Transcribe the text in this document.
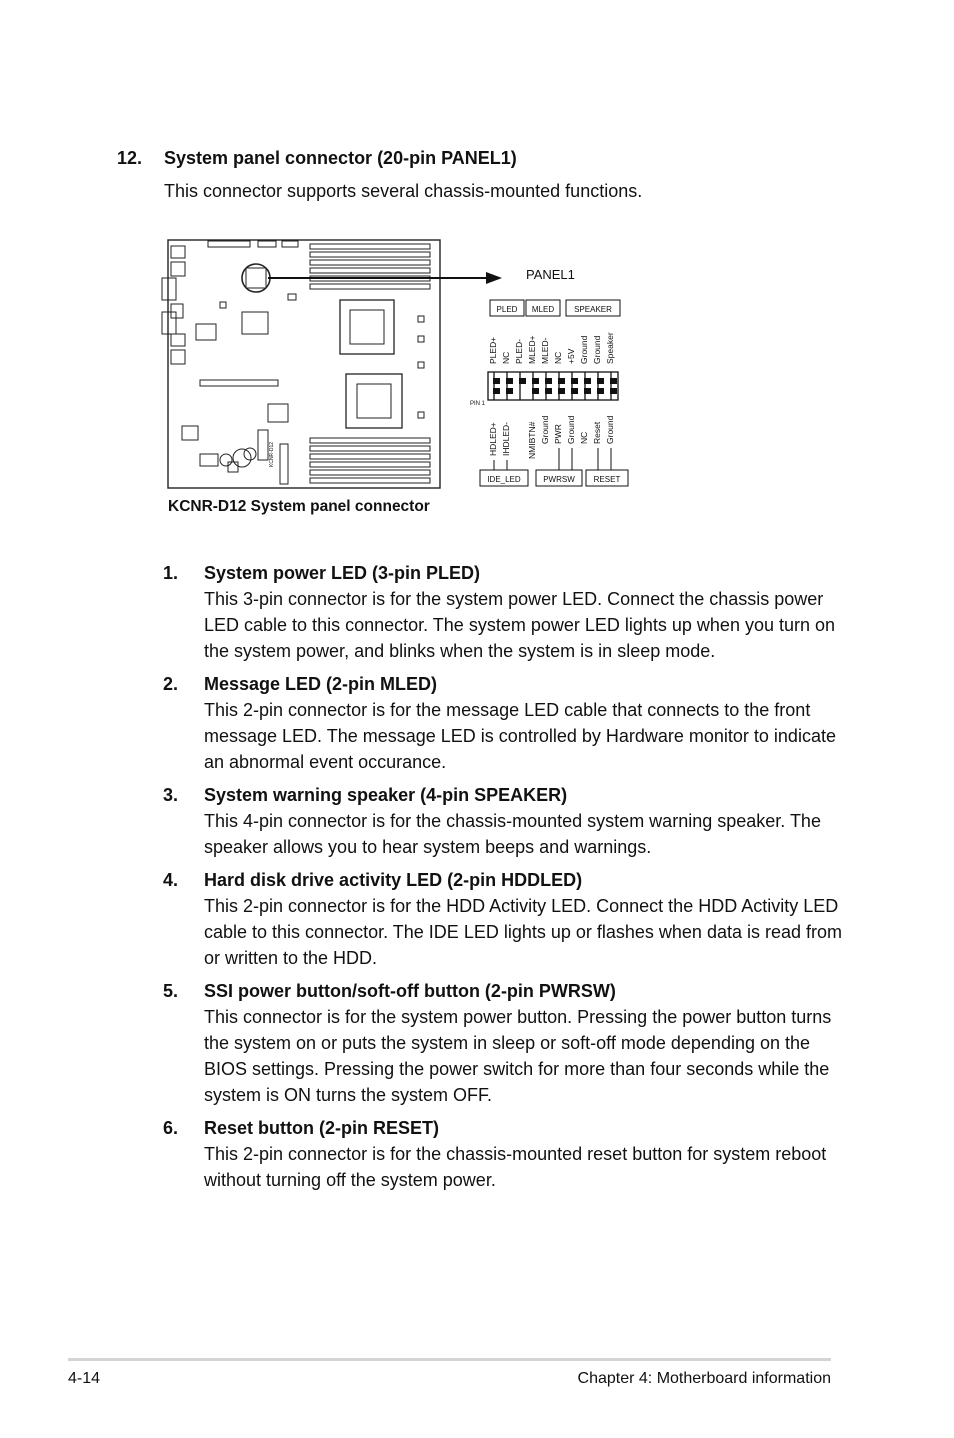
12. System panel connector (20-pin PANEL1)
This connector supports several chassis-mounted functions.
PANEL1
KCNR-D12
PLED MLED SPEAKER
PLED+ NC PLED- MLED+ MLED- NC +5V Ground Ground Speaker
PIN 1
HDLED+ IHDLED- NMIBTN# Ground PWR Ground NC Reset Ground
IDE_LED	PWRSW RESET
KCNR-D12 System panel connector
1.	System power LED (3-pin PLED)
This 3-pin connector is for the system power LED. Connect the chassis power LED cable to this connector. The system power LED lights up when you turn on the system power, and blinks when the system is in sleep mode.
2.	Message LED (2-pin MLED)
This 2-pin connector is for the message LED cable that connects to the front message LED. The message LED is controlled by Hardware monitor to indicate an abnormal event occurance.
3.	System warning speaker (4-pin SPEAKER)
This 4-pin connector is for the chassis-mounted system warning speaker. The speaker allows you to hear system beeps and warnings.
4.	Hard disk drive activity LED (2-pin HDDLED)
This 2-pin connector is for the HDD Activity LED. Connect the HDD Activity LED cable to this connector. The IDE LED lights up or flashes when data is read from or written to the HDD.
5.	SSI power button/soft-off button (2-pin PWRSW)
This connector is for the system power button. Pressing the power button turns the system on or puts the system in sleep or soft-off mode depending on the BIOS settings. Pressing the power switch for more than four seconds while the system is ON turns the system OFF.
6.	Reset button (2-pin RESET)
This 2-pin connector is for the chassis-mounted reset button for system reboot without turning off the system power.
4-14	Chapter 4: Motherboard information
